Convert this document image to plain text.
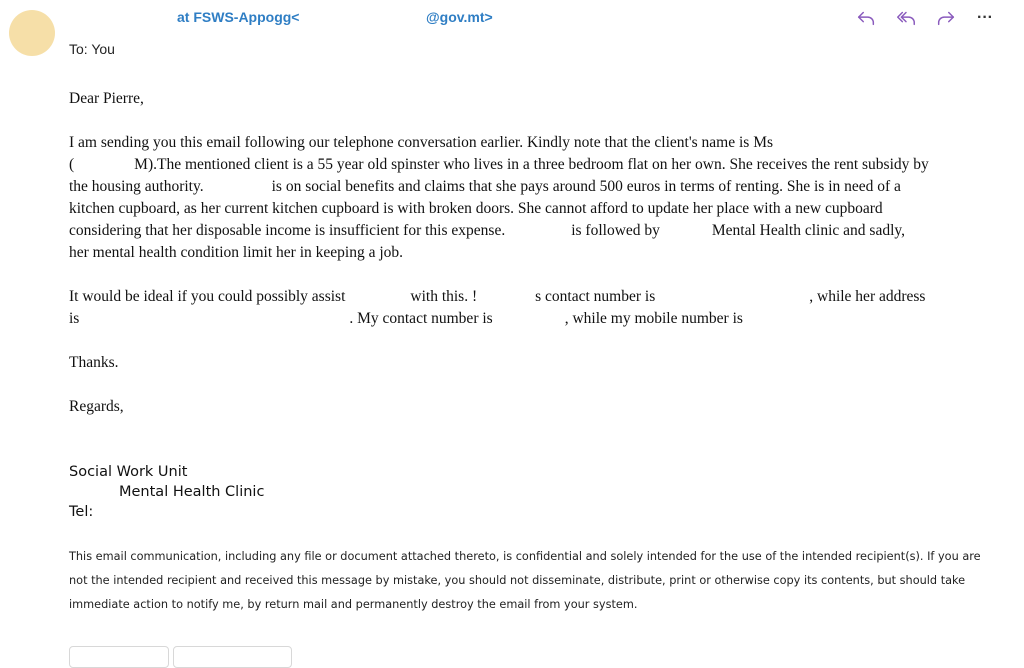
at FSWS-Appogg<	@gov.mt>
To: You
···

Dear Pierre,

I am sending you this email following our telephone conversation earlier. Kindly note that the client's name is Ms
(	M).The mentioned client is a 55 year old spinster who lives in a three bedroom flat on her own. She receives the rent subsidy by
the housing authority.	is on social benefits and claims that she pays around 500 euros in terms of renting. She is in need of a
kitchen cupboard, as her current kitchen cupboard is with broken doors. She cannot afford to update her place with a new cupboard
considering that her disposable income is insufficient for this expense.	is followed by	Mental Health clinic and sadly,
her mental health condition limit her in keeping a job.

It would be ideal if you could possibly assist	with this. !	s contact number is	, while her address
is	. My contact number is	, while my mobile number is

Thanks.

Regards,

Social Work Unit
Mental Health Clinic
Tel:
This email communication, including any file or document attached thereto, is confidential and solely intended for the use of the intended recipient(s). If you are
not the intended recipient and received this message by mistake, you should not disseminate, distribute, print or otherwise copy its contents, but should take
immediate action to notify me, by return mail and permanently destroy the email from your system.
